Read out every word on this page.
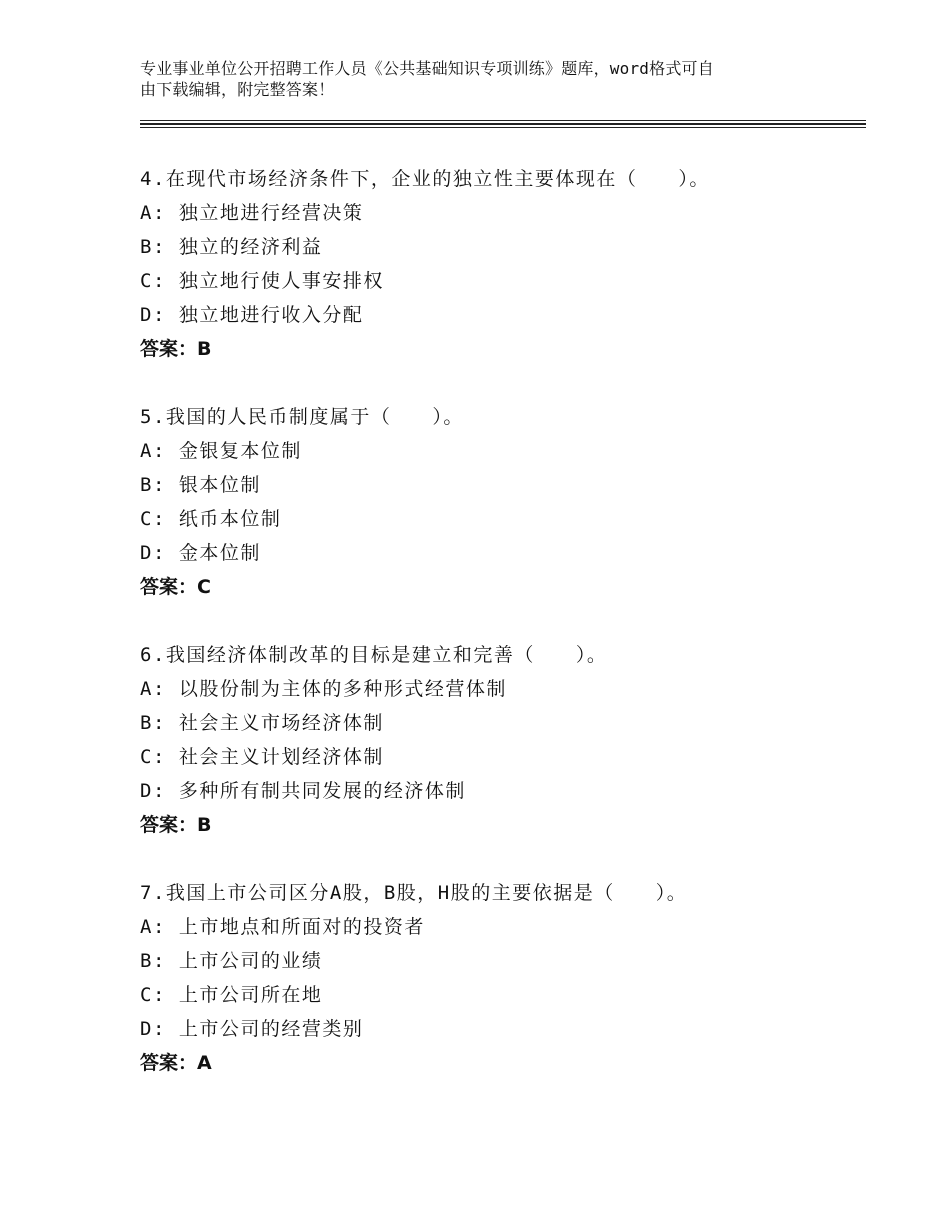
专业事业单位公开招聘工作人员《公共基础知识专项训练》题库，word格式可自
由下载编辑，附完整答案！
4.在现代市场经济条件下，企业的独立性主要体现在（　　）。
A: 独立地进行经营决策
B: 独立的经济利益
C: 独立地行使人事安排权
D: 独立地进行收入分配
答案：B
5.我国的人民币制度属于（　　）。
A: 金银复本位制
B: 银本位制
C: 纸币本位制
D: 金本位制
答案：C
6.我国经济体制改革的目标是建立和完善（　　）。
A: 以股份制为主体的多种形式经营体制
B: 社会主义市场经济体制
C: 社会主义计划经济体制
D: 多种所有制共同发展的经济体制
答案：B
7.我国上市公司区分A股，B股，H股的主要依据是（　　）。
A: 上市地点和所面对的投资者
B: 上市公司的业绩
C: 上市公司所在地
D: 上市公司的经营类别
答案：A
